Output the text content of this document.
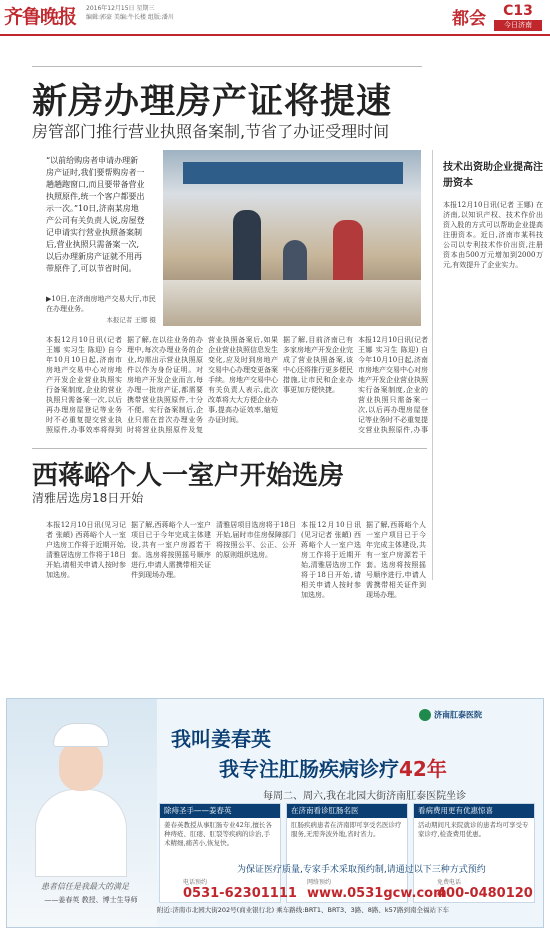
齐鲁晚报 2016年12月15日 星期三
编辑:郭豪 美编:牛长楼 组版:潘川	都会	C13
今日济南
新房办理房产证将提速
房管部门推行营业执照备案制,节省了办证受理时间
“以前给购房者申请办理新房产证时,我们要帮购房者一趟趟跑窗口,而且要带备营业执照原件,统一个客户都要出示一次。”10日,济南某房地产公司有关负责人说,房屋登记申请实行营业执照备案制后,营业执照只需备案一次,以后办理新房产证就不用再带原件了,可以节省时间。
▶10日,在济南房地产交易大厅,市民在办理业务。
本报记者 王娜 摄
本报12月10日讯(记者 王娜 实习生 陈迎) 自今年10月10日起,济南市房地产交易中心对房地产开发企业营业执照实行备案制度,企业的营业执照只需备案一次,以后再办理房屋登记等业务时不必重复提交营业执照原件,办事效率将得到
据了解,在以往业务的办理中,每次办理业务的企业,均需出示营业执照原件以作为身份证明。对房地产开发企业而言,每办理一批房产证,都需要携带营业执照原件,十分不便。实行备案制后,企业只需在首次办理业务时将营业执照原件及复
营业执照备案后,如果企业营业执照信息发生变化,应及时到房地产交易中心办理变更备案手续。房地产交易中心有关负责人表示,此次改革将大大方便企业办事,提高办证效率,缩短办证时间。
据了解,目前济南已有多家房地产开发企业完成了营业执照备案,该中心还将推行更多便民措施,让市民和企业办事更加方便快捷。
本报12月10日讯(记者 王娜 实习生 陈迎) 自今年10月10日起,济南市房地产交易中心对房地产开发企业营业执照实行备案制度,企业的营业执照只需备案一次,以后再办理房屋登记等业务时不必重复提交营业执照原件,办事
技术出资助企业提高注册资本
本报12月10日讯(记者 王娜) 在济南,以知识产权、技术作价出资入股的方式可以帮助企业提高注册资本。近日,济南市某科技公司以专利技术作价出资,注册资本由500万元增加到2000万元,有效提升了企业实力。
西蒋峪个人一室户开始选房
清雅居选房18日开始
本报12月10日讯(见习记者 张頔) 西蒋峪个人一室户选房工作将于近期开始,清雅居选房工作将于18日开始,请相关申请人按时参加选房。
据了解,西蒋峪个人一室户项目已于今年完成主体建设,共有一室户房源若干套。选房将按照摇号顺序进行,申请人需携带相关证件到现场办理。
清雅居项目选房将于18日开始,届时市住房保障部门将按照公平、公正、公开的原则组织选房。
本报12月10日讯(见习记者 张頔) 西蒋峪个人一室户选房工作将于近期开始,清雅居选房工作将于18日开始,请相关申请人按时参加选房。
据了解,西蒋峪个人一室户项目已于今年完成主体建设,共有一室户房源若干套。选房将按照摇号顺序进行,申请人需携带相关证件到现场办理。
患者信任是我最大的満足
——姜春英 教授、博士生导师
济南肛泰医院
我叫姜春英
我专注肛肠疾病诊疗42年
每周二、周六,我在北园大街济南肛泰医院坐诊
除痔圣手——姜春英
姜春英教授从事肛肠专业42年,擅长各种痔疮、肛瘘、肛裂等疾病的诊治,手术精细,痛苦小,恢复快。
在济南看诊肛肠名医
肛肠疾病患者在济南即可享受名医诊疗服务,无需奔波外地,省时省力。
看病费用更有优惠惊喜
活动期间凡来院就诊的患者均可享受专家诊疗,检查费用优惠。
为保证医疗质量,专家手术采取预约制,请通过以下三种方式预约
电话预约
0531-62301111
网络预约
www.0531gcw.com
免费电话
400-0480120
附近:济南市北园大街202号(商业银行北) 乘车路线:BRT1、BRT3、3路、8路、k57路到南全福站下车
